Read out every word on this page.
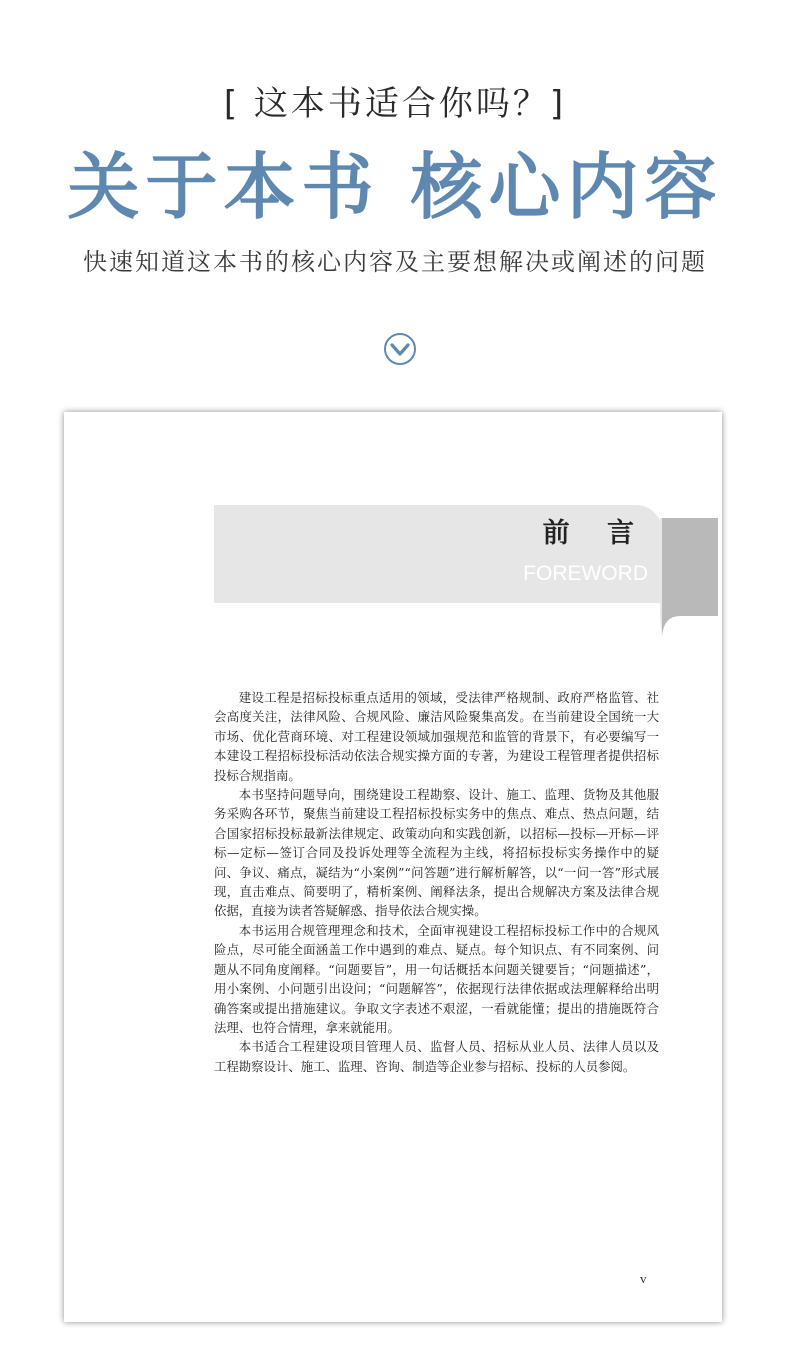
[ 这本书适合你吗？]
关于本书 核心内容
快速知道这本书的核心内容及主要想解决或阐述的问题
前 言
FOREWORD

建设工程是招标投标重点适用的领域，受法律严格规制、政府严格监管、社会高度关注，法律风险、合规风险、廉洁风险聚集高发。在当前建设全国统一大市场、优化营商环境、对工程建设领域加强规范和监管的背景下，有必要编写一本建设工程招标投标活动依法合规实操方面的专著，为建设工程管理者提供招标投标合规指南。

本书坚持问题导向，围绕建设工程勘察、设计、施工、监理、货物及其他服务采购各环节，聚焦当前建设工程招标投标实务中的焦点、难点、热点问题，结合国家招标投标最新法律规定、政策动向和实践创新，以招标—投标—开标—评标—定标—签订合同及投诉处理等全流程为主线，将招标投标实务操作中的疑问、争议、痛点，凝结为“小案例”“问答题”进行解析解答，以“一问一答”形式展现，直击难点、简要明了，精析案例、阐释法条，提出合规解决方案及法律合规依据，直接为读者答疑解惑、指导依法合规实操。

本书运用合规管理理念和技术，全面审视建设工程招标投标工作中的合规风险点，尽可能全面涵盖工作中遇到的难点、疑点。每个知识点、有不同案例、问题从不同角度阐释。“问题要旨”，用一句话概括本问题关键要旨；“问题描述”，用小案例、小问题引出设问；“问题解答”，依据现行法律依据或法理解释给出明确答案或提出措施建议。争取文字表述不艰涩，一看就能懂；提出的措施既符合法理、也符合情理，拿来就能用。

本书适合工程建设项目管理人员、监督人员、招标从业人员、法律人员以及工程勘察设计、施工、监理、咨询、制造等企业参与招标、投标的人员参阅。

v
